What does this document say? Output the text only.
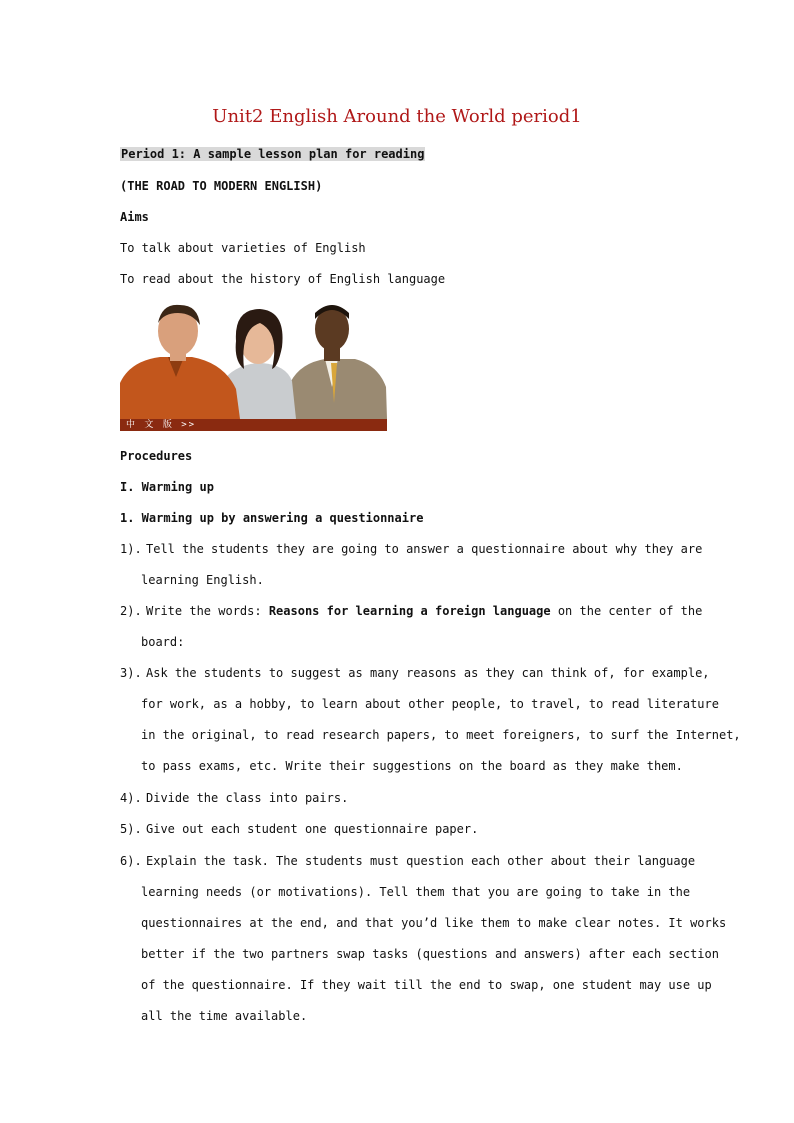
Unit2 English Around the World period1
Period 1: A sample lesson plan for reading
(THE ROAD TO MODERN ENGLISH)
Aims
To talk about varieties of English
To read about the history of English language
中 文 版 >>
Procedures
I. Warming up
1. Warming up by answering a questionnaire
1). Tell the students they are going to answer a questionnaire about why they are
learning English.
2). Write the words: Reasons for learning a foreign language on the center of the
board:
3). Ask the students to suggest as many reasons as they can think of, for example,
for work, as a hobby, to learn about other people, to travel, to read literature
in the original, to read research papers, to meet foreigners, to surf the Internet,
to pass exams, etc. Write their suggestions on the board as they make them.
4). Divide the class into pairs.
5). Give out each student one questionnaire paper.
6). Explain the task. The students must question each other about their language
learning needs (or motivations). Tell them that you are going to take in the
questionnaires at the end, and that you’d like them to make clear notes. It works
better if the two partners swap tasks (questions and answers) after each section
of the questionnaire. If they wait till the end to swap, one student may use up
all the time available.
